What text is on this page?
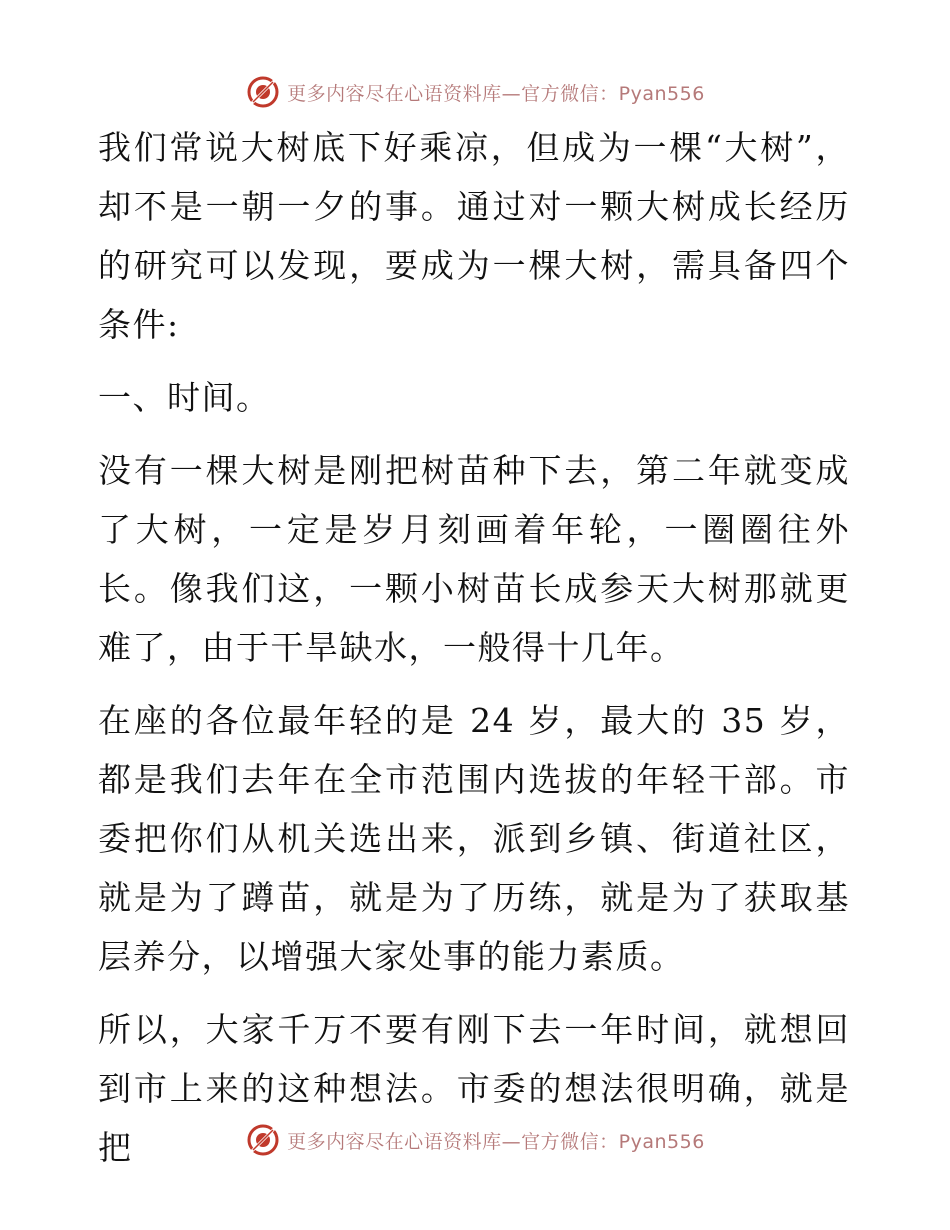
更多内容尽在心语资料库—官方微信：Pyan556

我们常说大树底下好乘凉，但成为一棵“大树”，却不是一朝一夕的事。通过对一颗大树成长经历的研究可以发现，要成为一棵大树，需具备四个条件:

一、时间。

没有一棵大树是刚把树苗种下去，第二年就变成了大树，一定是岁月刻画着年轮，一圈圈往外长。像我们这，一颗小树苗长成参天大树那就更难了，由于干旱缺水，一般得十几年。

在座的各位最年轻的是 24 岁，最大的 35 岁，都是我们去年在全市范围内选拔的年轻干部。市委把你们从机关选出来，派到乡镇、街道社区，就是为了蹲苗，就是为了历练，就是为了获取基层养分，以增强大家处事的能力素质。

所以，大家千万不要有刚下去一年时间，就想回到市上来的这种想法。市委的想法很明确，就是把	更多内容尽在心语资料库—官方微信：Pyan556
